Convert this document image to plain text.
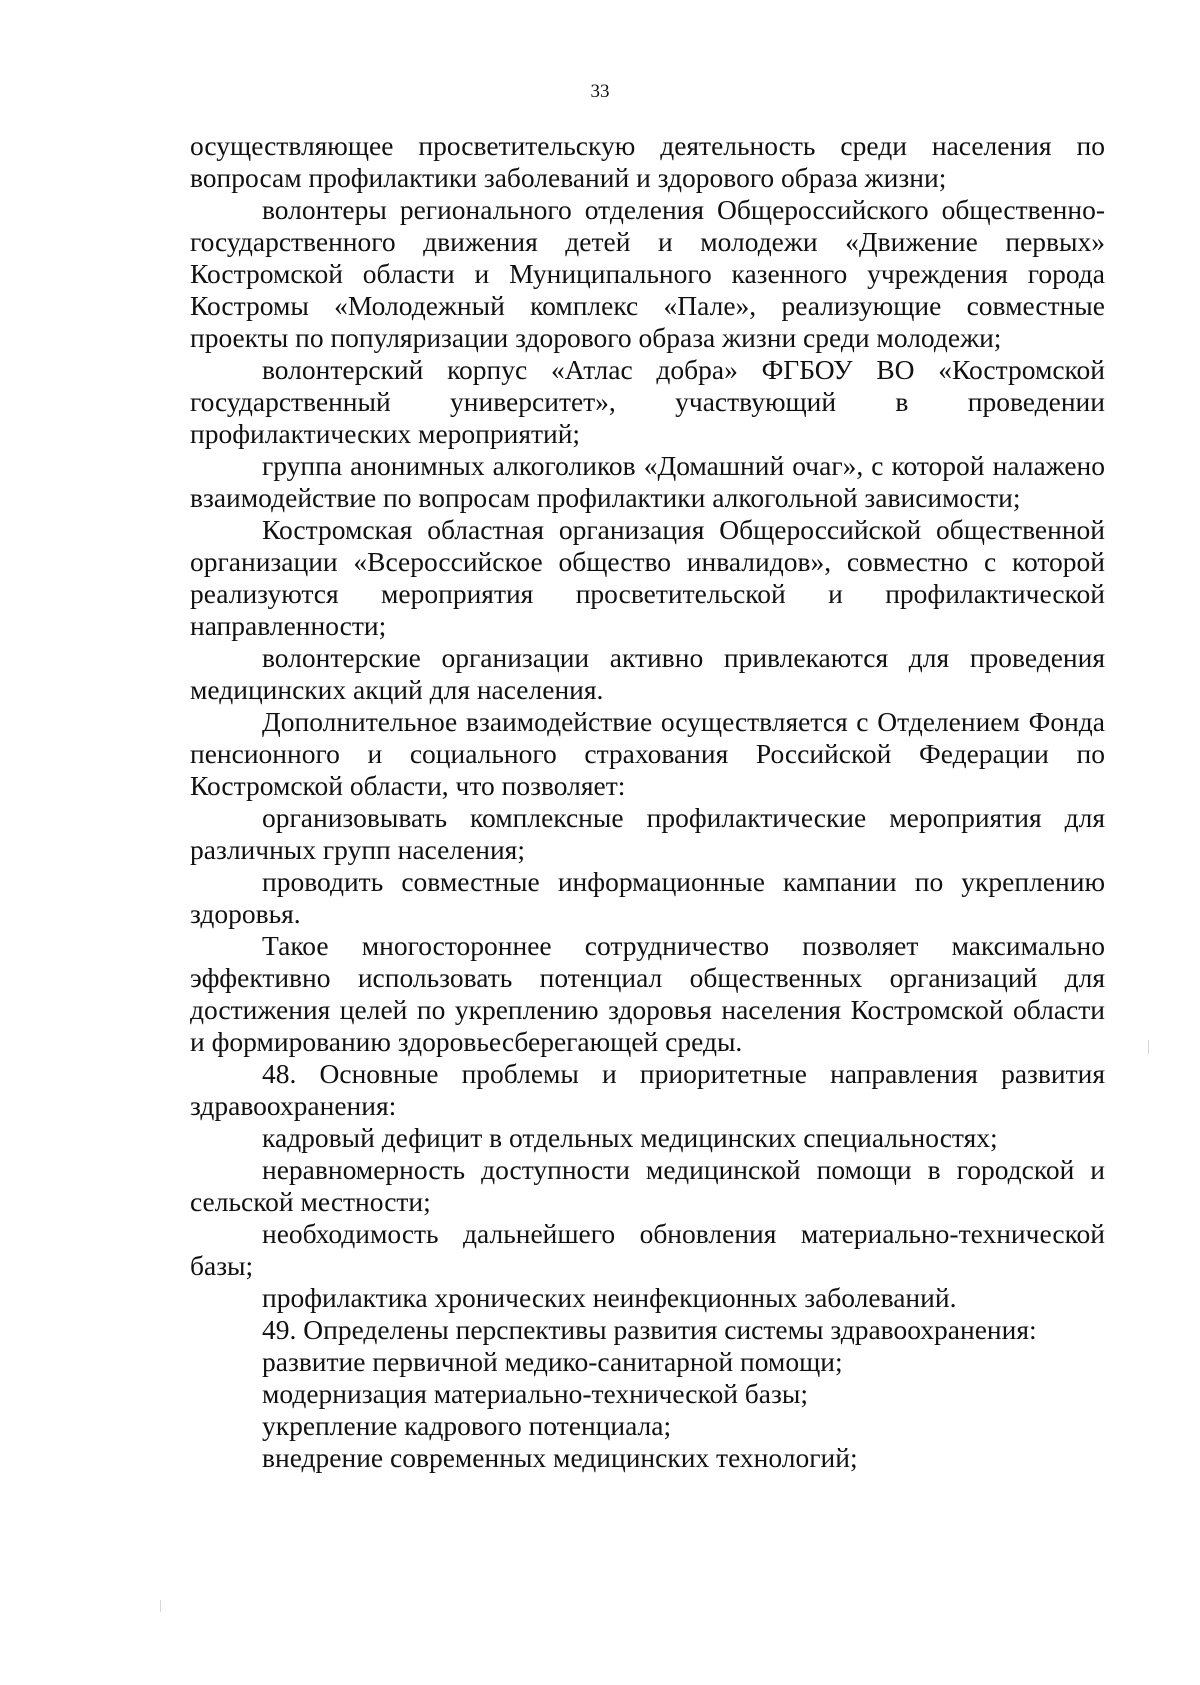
33

осуществляющее просветительскую деятельность среди населения по вопросам профилактики заболеваний и здорового образа жизни;

волонтеры регионального отделения Общероссийского общественно-государственного движения детей и молодежи «Движение первых» Костромской области и Муниципального казенного учреждения города Костромы «Молодежный комплекс «Пале», реализующие совместные проекты по популяризации здорового образа жизни среди молодежи;

волонтерский корпус «Атлас добра» ФГБОУ ВО «Костромской государственный университет», участвующий в проведении профилактических мероприятий;

группа анонимных алкоголиков «Домашний очаг», с которой налажено взаимодействие по вопросам профилактики алкогольной зависимости;

Костромская областная организация Общероссийской общественной организации «Всероссийское общество инвалидов», совместно с которой реализуются мероприятия просветительской и профилактической направленности;

волонтерские организации активно привлекаются для проведения медицинских акций для населения.

Дополнительное взаимодействие осуществляется с Отделением Фонда пенсионного и социального страхования Российской Федерации по Костромской области, что позволяет:

организовывать комплексные профилактические мероприятия для различных групп населения;

проводить совместные информационные кампании по укреплению здоровья.

Такое многостороннее сотрудничество позволяет максимально эффективно использовать потенциал общественных организаций для достижения целей по укреплению здоровья населения Костромской области и формированию здоровьесберегающей среды.

48. Основные проблемы и приоритетные направления развития здравоохранения:

кадровый дефицит в отдельных медицинских специальностях;

неравномерность доступности медицинской помощи в городской и сельской местности;

необходимость дальнейшего обновления материально-технической базы;

профилактика хронических неинфекционных заболеваний.

49. Определены перспективы развития системы здравоохранения:

развитие первичной медико-санитарной помощи;

модернизация материально-технической базы;

укрепление кадрового потенциала;

внедрение современных медицинских технологий;
